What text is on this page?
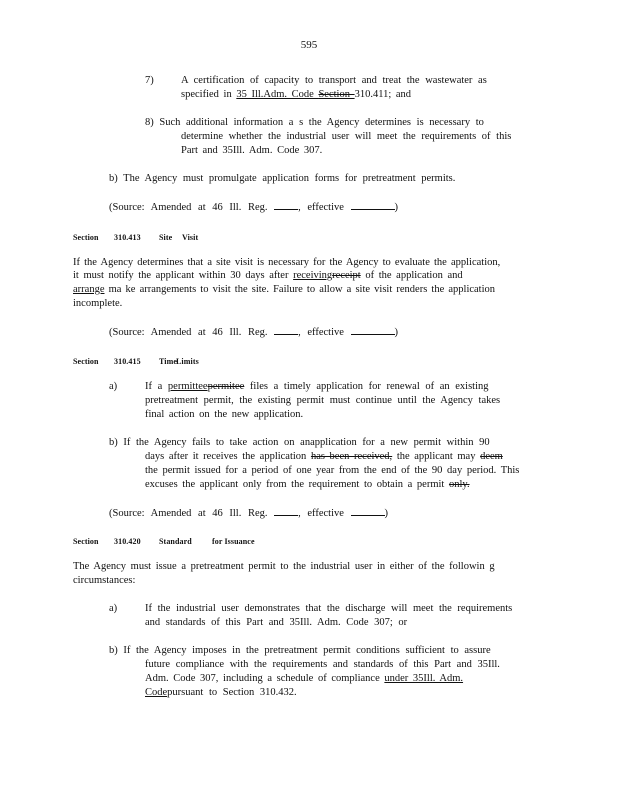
595
7)	A certification of capacity to transport and treat the wastewater as
specified in 35 Ill.Adm. Code Section 310.411; and
8) Such additional information a s the Agency determines is necessary to
determine whether the industrial user will meet the requirements of this
Part and 35Ill. Adm. Code 307.
b) The Agency must promulgate application forms for pretreatment permits.
(Source: Amended at 46 Ill. Reg. , effective	)
Section 310.413 Site Visit
If the Agency determines that a site visit is necessary for the Agency to evaluate the application,
it must notify the applicant within 30 days after receivingreceipt of the application and
arrange ma ke arrangements to visit the site. Failure to allow a site visit renders the application
incomplete.
(Source: Amended at 46 Ill. Reg. , effective	)
Section 310.415 TimeLimits
a)	If a permitteepermitee files a timely application for renewal of an existing
pretreatment permit, the existing permit must continue until the Agency takes
final action on the new application.
b) If the Agency fails to take action on anapplication for a new permit within 90
days after it receives the application has been received, the applicant may deem
the permit issued for a period of one year from the end of the 90 day period. This
excuses the applicant only from the requirement to obtain a permit only.
(Source: Amended at 46 Ill. Reg. , effective	)
Section 310.420 Standard	for Issuance
The Agency must issue a pretreatment permit to the industrial user in either of the followin g
circumstances:
a)	If the industrial user demonstrates that the discharge will meet the requirements
and standards of this Part and 35Ill. Adm. Code 307; or
b) If the Agency imposes in the pretreatment permit conditions sufficient to assure
future compliance with the requirements and standards of this Part and 35Ill.
Adm. Code 307, including a schedule of compliance under 35Ill. Adm.
Codepursuant to Section 310.432.
